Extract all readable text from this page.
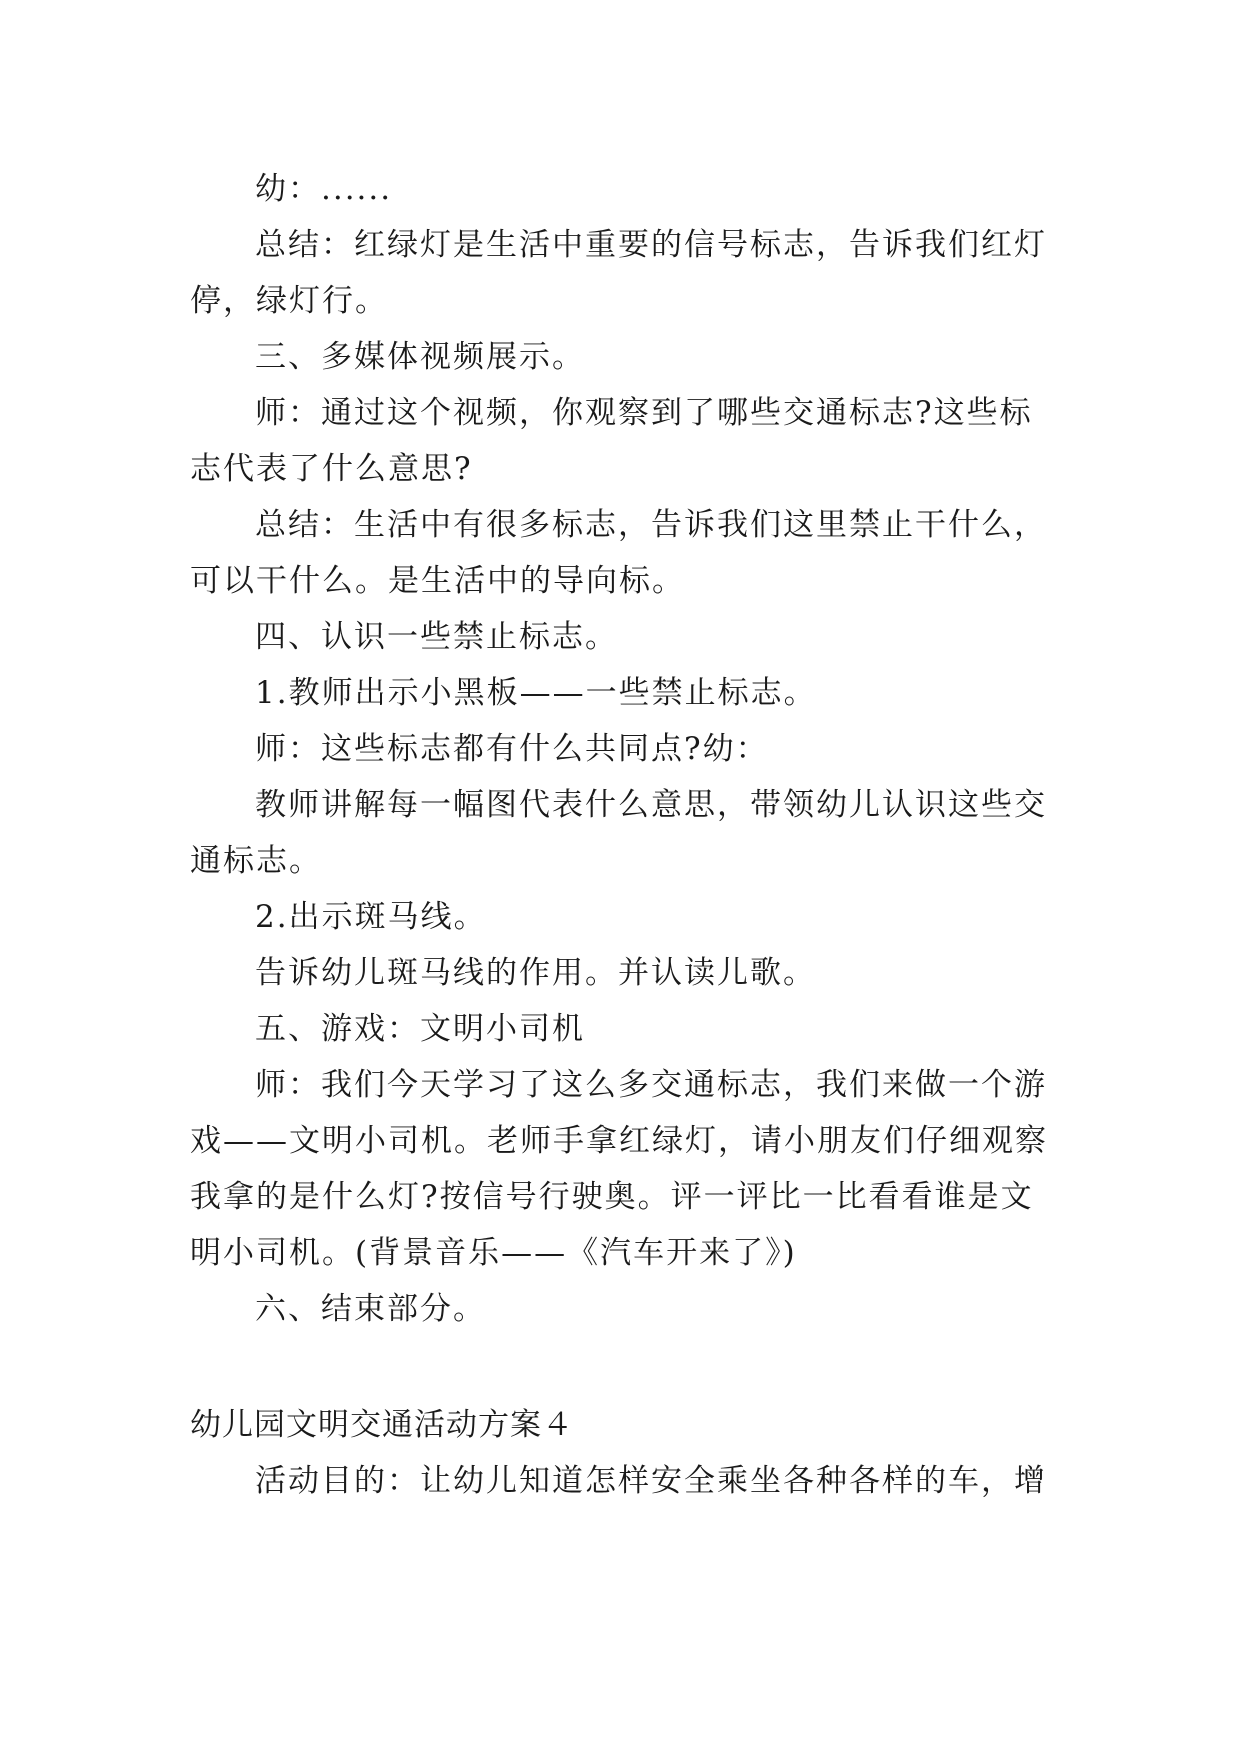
幼：......
总结：红绿灯是生活中重要的信号标志，告诉我们红灯
停，绿灯行。
三、多媒体视频展示。
师：通过这个视频，你观察到了哪些交通标志?这些标
志代表了什么意思?
总结：生活中有很多标志，告诉我们这里禁止干什么，
可以干什么。是生活中的导向标。
四、认识一些禁止标志。
1.教师出示小黑板——一些禁止标志。
师：这些标志都有什么共同点?幼：
教师讲解每一幅图代表什么意思，带领幼儿认识这些交
通标志。
2.出示斑马线。
告诉幼儿斑马线的作用。并认读儿歌。
五、游戏：文明小司机
师：我们今天学习了这么多交通标志，我们来做一个游
戏——文明小司机。老师手拿红绿灯，请小朋友们仔细观察
我拿的是什么灯?按信号行驶奥。评一评比一比看看谁是文
明小司机。(背景音乐——《汽车开来了》)
六、结束部分。
幼儿园文明交通活动方案４
活动目的：让幼儿知道怎样安全乘坐各种各样的车，增
